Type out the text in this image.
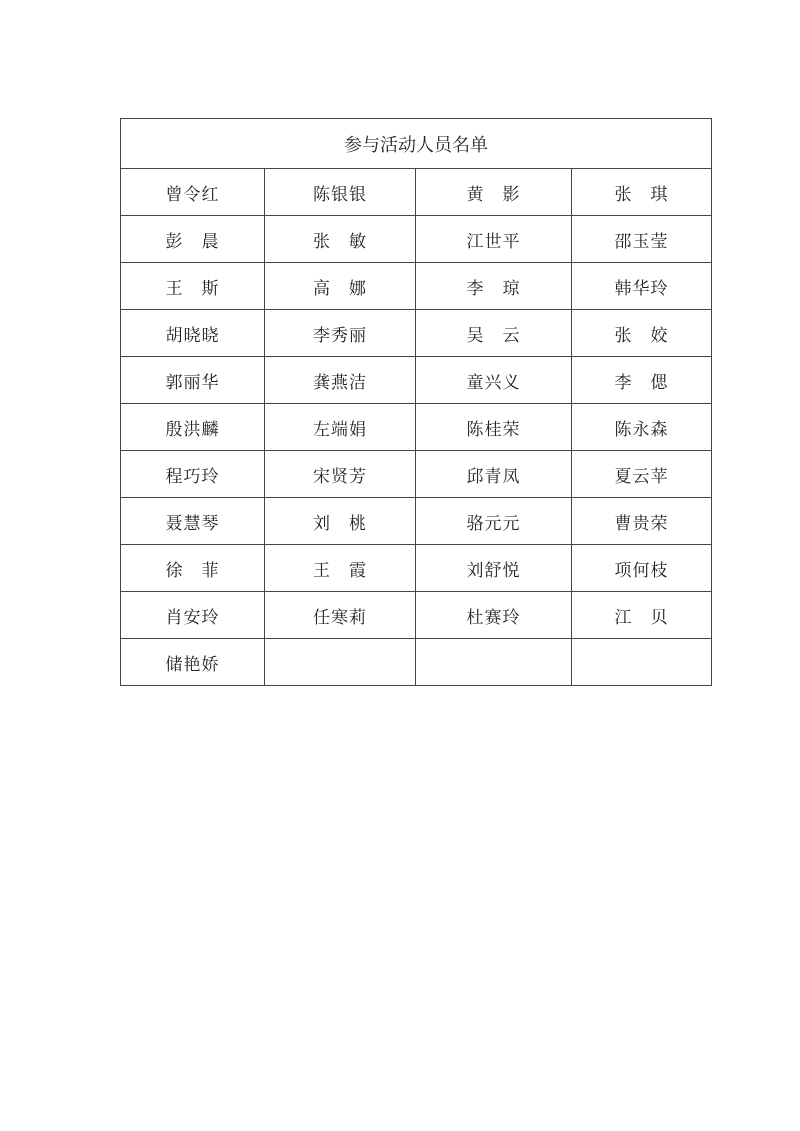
参与活动人员名单			
曾令红	陈银银	黄　影	张　琪
彭　晨	张　敏	江世平	邵玉莹
王　斯	高　娜	李　琼	韩华玲
胡晓晓	李秀丽	吴　云	张　姣
郭丽华	龚燕洁	童兴义	李　偲
殷洪麟	左端娟	陈桂荣	陈永森
程巧玲	宋贤芳	邱青凤	夏云苹
聂慧琴	刘　桃	骆元元	曹贵荣
徐　菲	王　霞	刘舒悦	项何枝
肖安玲	任寒莉	杜赛玲	江　贝
储艳娇			
